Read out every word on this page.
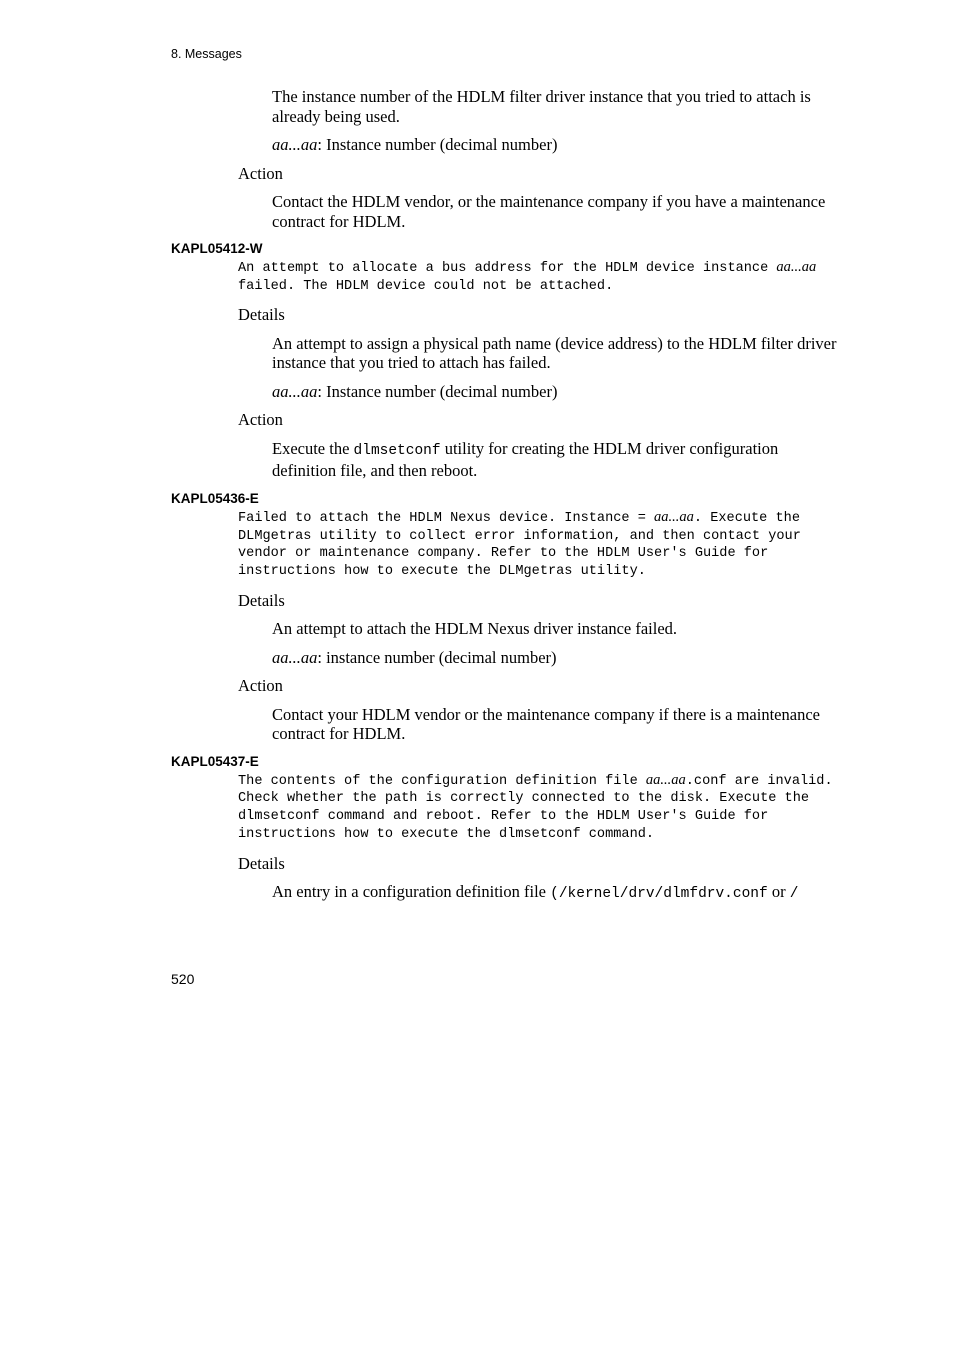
8. Messages

The instance number of the HDLM filter driver instance that you tried to attach is already being used.

aa...aa: Instance number (decimal number)

Action

Contact the HDLM vendor, or the maintenance company if you have a maintenance contract for HDLM.

KAPL05412-W
An attempt to allocate a bus address for the HDLM device instance aa...aa failed. The HDLM device could not be attached.

Details

An attempt to assign a physical path name (device address) to the HDLM filter driver instance that you tried to attach has failed.

aa...aa: Instance number (decimal number)

Action

Execute the dlmsetconf utility for creating the HDLM driver configuration definition file, and then reboot.

KAPL05436-E
Failed to attach the HDLM Nexus device. Instance = aa...aa. Execute the DLMgetras utility to collect error information, and then contact your vendor or maintenance company. Refer to the HDLM User's Guide for instructions how to execute the DLMgetras utility.

Details

An attempt to attach the HDLM Nexus driver instance failed.

aa...aa: instance number (decimal number)

Action

Contact your HDLM vendor or the maintenance company if there is a maintenance contract for HDLM.

KAPL05437-E
The contents of the configuration definition file aa...aa.conf are invalid. Check whether the path is correctly connected to the disk. Execute the dlmsetconf command and reboot. Refer to the HDLM User's Guide for instructions how to execute the dlmsetconf command.

Details

An entry in a configuration definition file (/kernel/drv/dlmfdrv.conf or /

520
